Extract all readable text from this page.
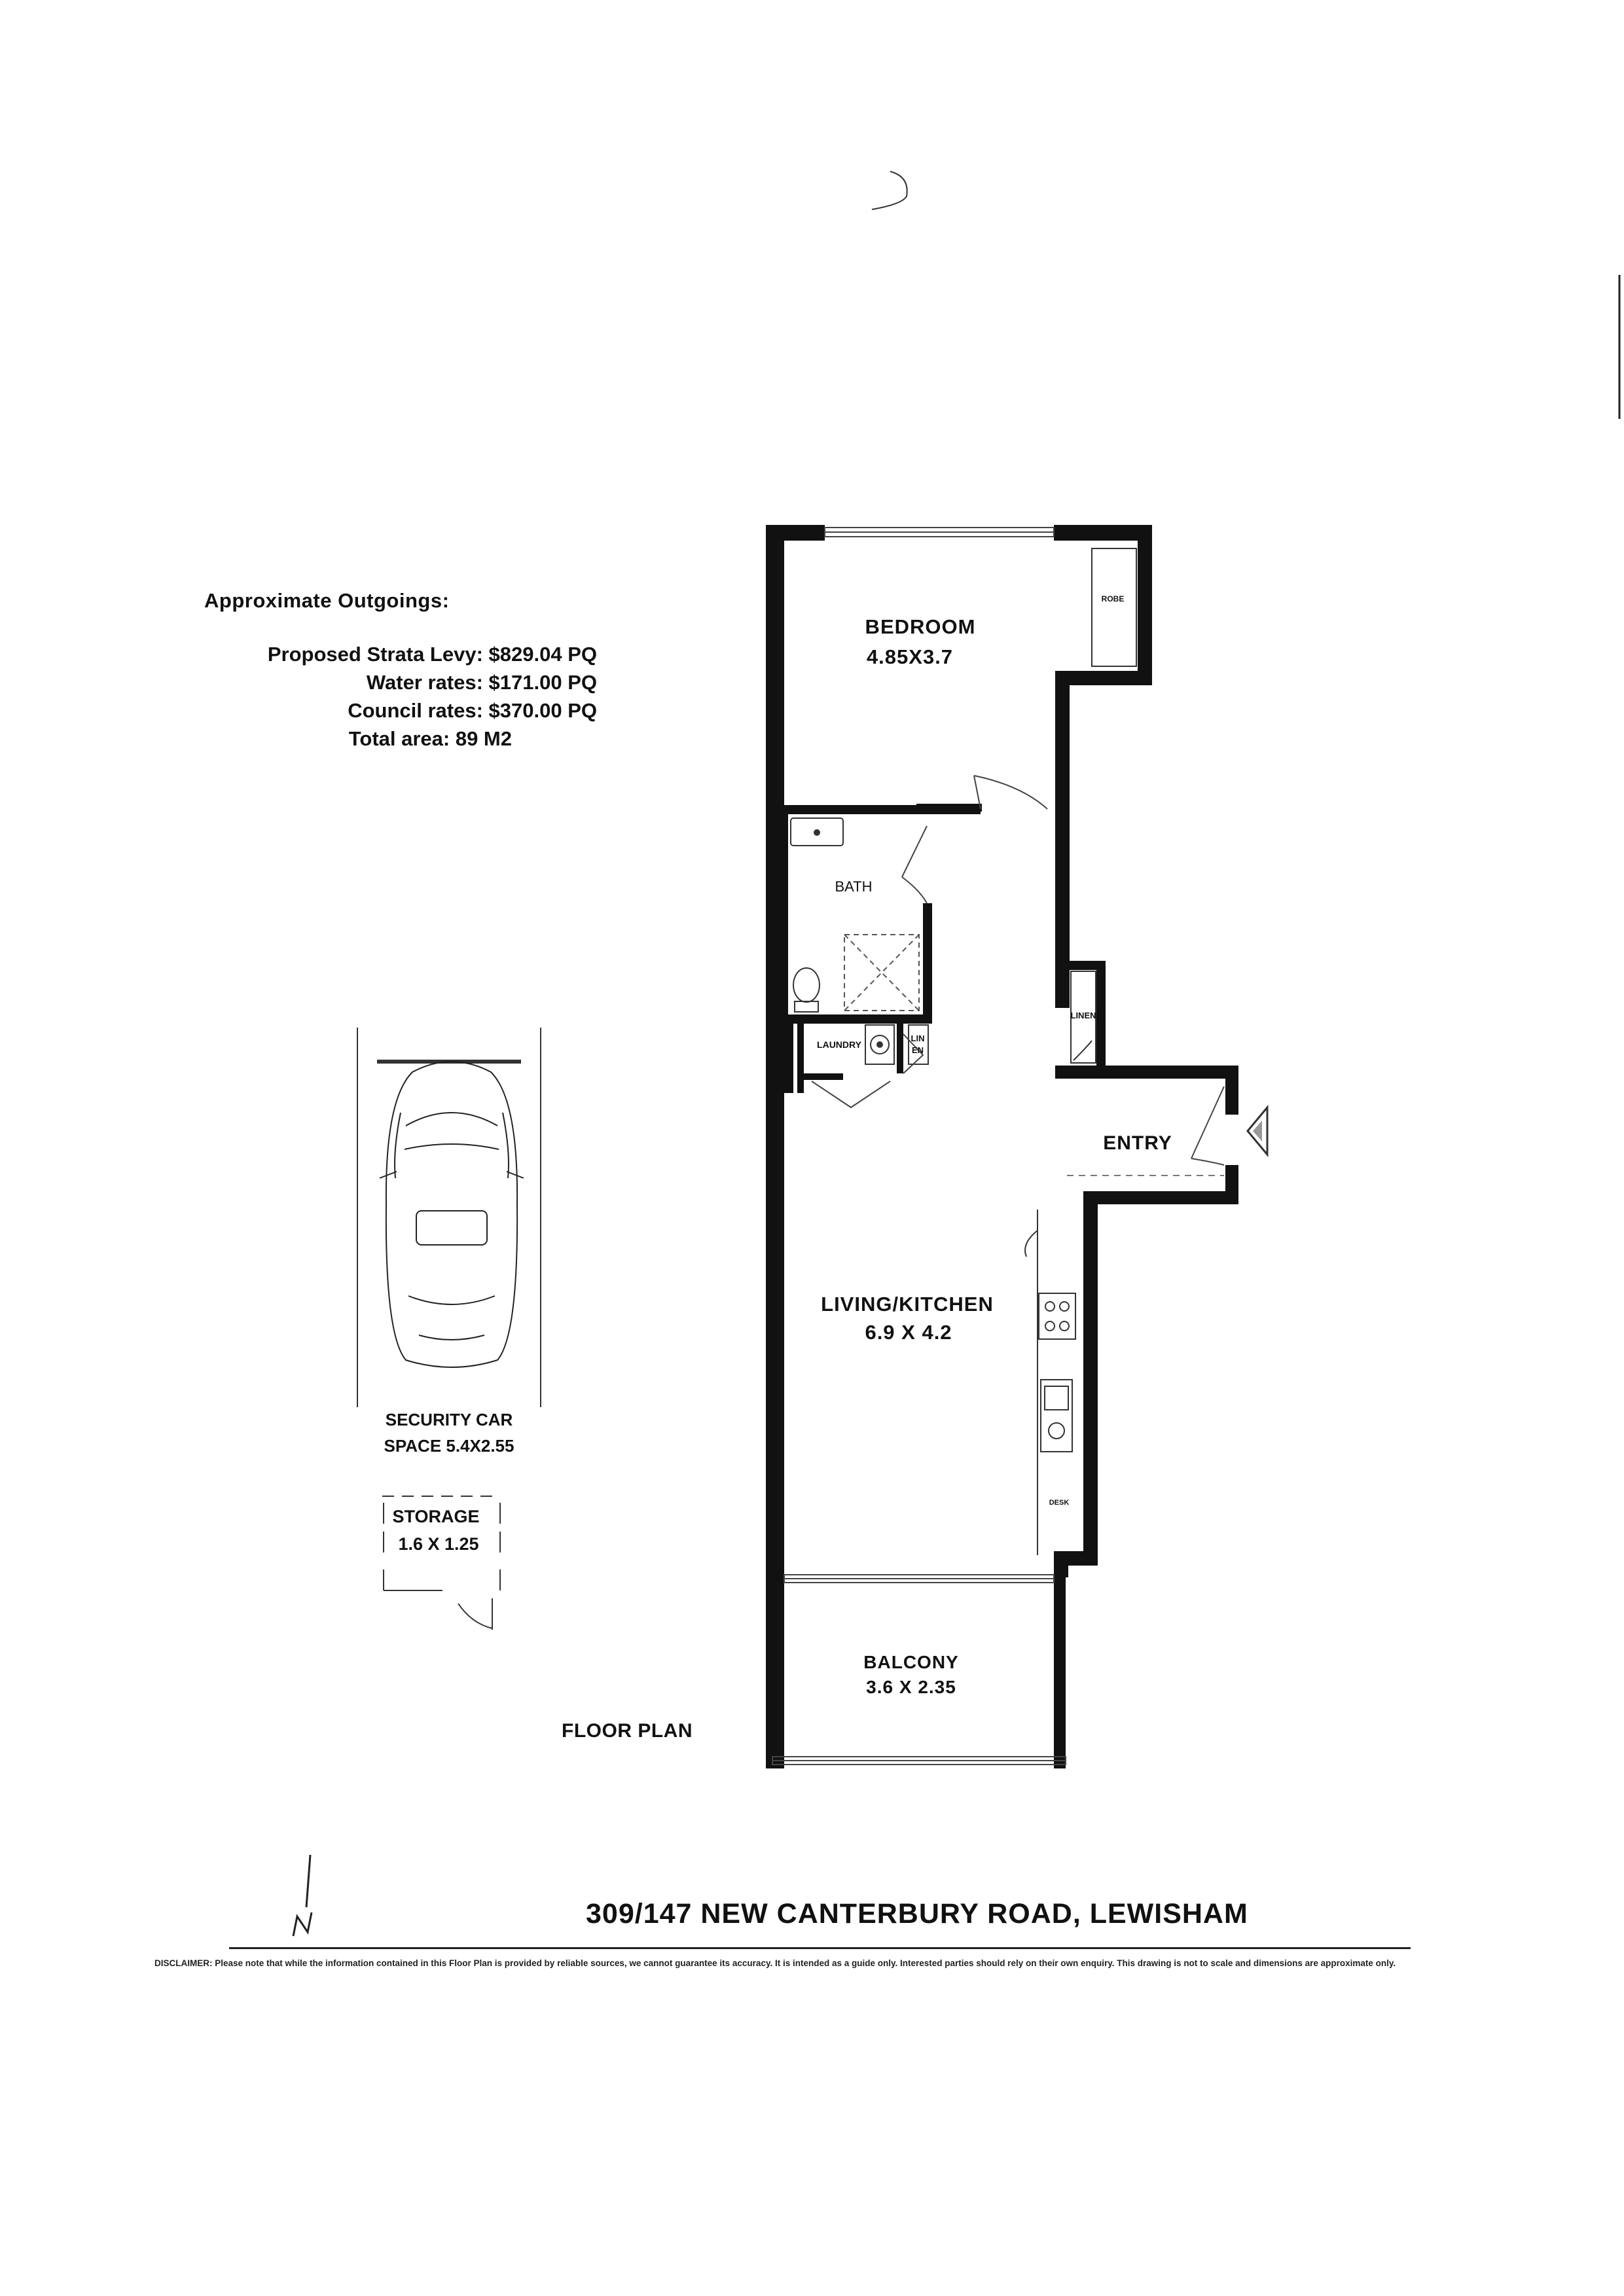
Approximate Outgoings:
Proposed Strata Levy: $829.04 PQ
Water rates: $171.00 PQ
Council rates: $370.00 PQ
Total area: 89 M2
BEDROOM
4.85X3.7
ROBE
BATH
LAUNDRY
LIN EN
LINEN
ENTRY
LIVING/KITCHEN
6.9 X 4.2
DESK
BALCONY
3.6 X 2.35
SECURITY CAR
SPACE 5.4X2.55
STORAGE
1.6 X 1.25
FLOOR PLAN
309/147 NEW CANTERBURY ROAD, LEWISHAM
DISCLAIMER: Please note that while the information contained in this Floor Plan is provided by reliable sources, we cannot guarantee its accuracy. It is intended as a guide only. Interested parties should rely on their own enquiry. This drawing is not to scale and dimensions are approximate only.
